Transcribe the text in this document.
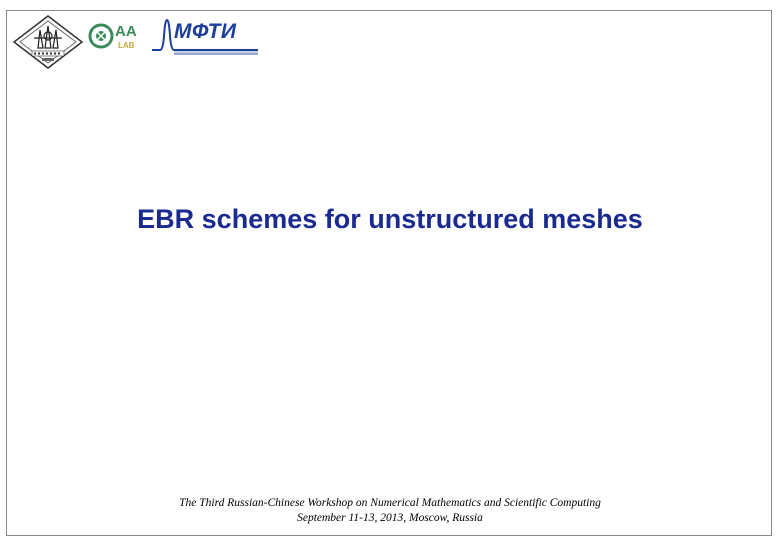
AA
LAB
МФТИ
EBR schemes for unstructured meshes
The Third Russian-Chinese Workshop on Numerical Mathematics and Scientific Computing
September 11-13, 2013, Moscow, Russia
